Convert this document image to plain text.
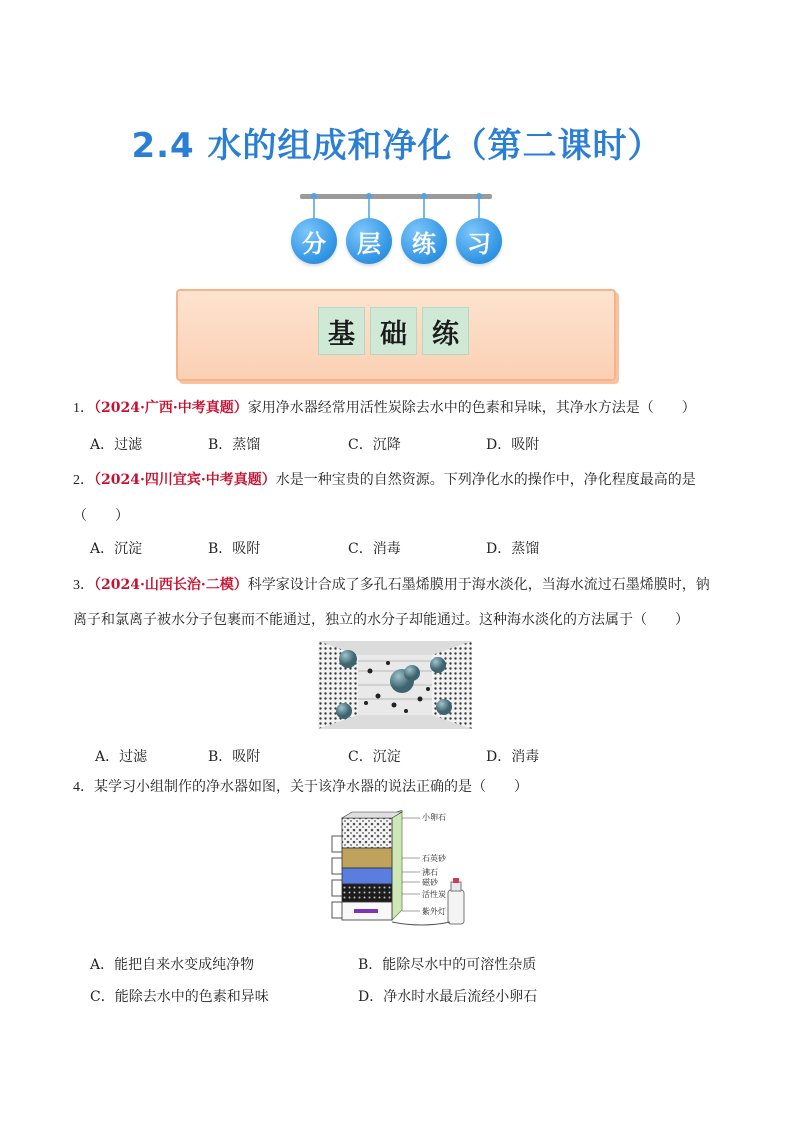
2.4 水的组成和净化（第二课时）
分	层	练	习
基 础 练
1．（2024·广西·中考真题）家用净水器经常用活性炭除去水中的色素和异味，其净水方法是（　　）
A．过滤	B．蒸馏	C．沉降	D．吸附
2．（2024·四川宜宾·中考真题）水是一种宝贵的自然资源。下列净化水的操作中，净化程度最高的是
（　　）
A．沉淀	B．吸附	C．消毒	D．蒸馏
3．（2024·山西长治·二模）科学家设计合成了多孔石墨烯膜用于海水淡化，当海水流过石墨烯膜时，钠
离子和氯离子被水分子包裹而不能通过，独立的水分子却能通过。这种海水淡化的方法属于（　　）
A．过滤	B．吸附	C．沉淀	D．消毒
4．某学习小组制作的净水器如图，关于该净水器的说法正确的是（　　）
小卵石
石英砂
沸石
磁砂
活性炭
紫外灯
A．能把自来水变成纯净物	B．能除尽水中的可溶性杂质
C．能除去水中的色素和异味	D．净水时水最后流经小卵石
